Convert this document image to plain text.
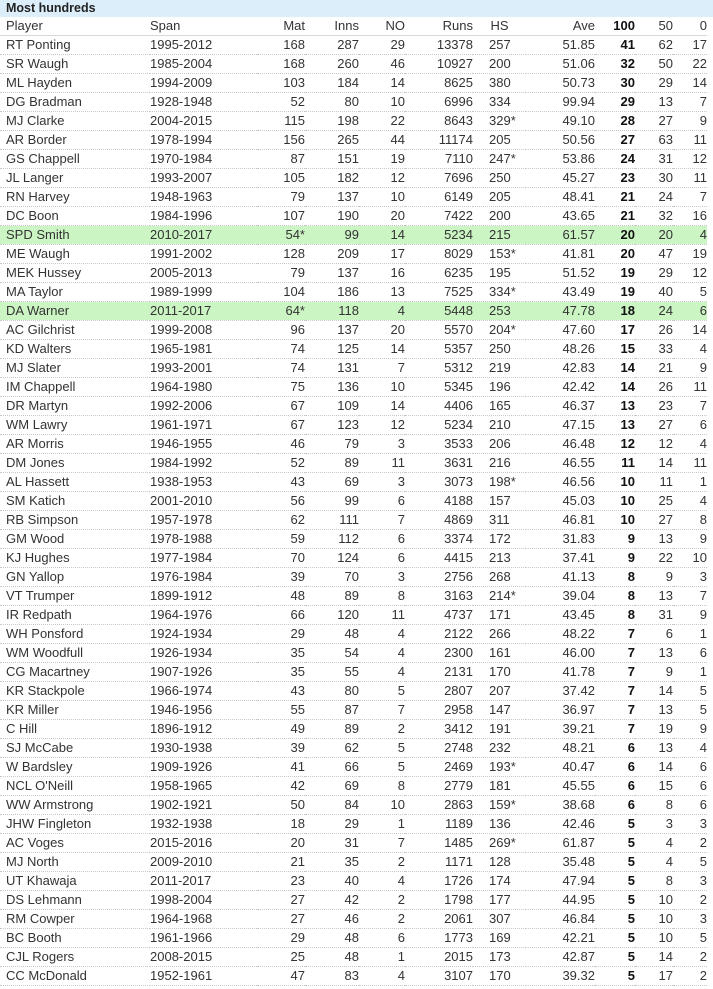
Most hundreds
Player	Span	Mat	Inns	NO	Runs	HS	Ave	100	50	0
RT Ponting	1995-2012	168	287	29	13378	257	51.85	41	62	17
SR Waugh	1985-2004	168	260	46	10927	200	51.06	32	50	22
ML Hayden	1994-2009	103	184	14	8625	380	50.73	30	29	14
DG Bradman	1928-1948	52	80	10	6996	334	99.94	29	13	7
MJ Clarke	2004-2015	115	198	22	8643	329*	49.10	28	27	9
AR Border	1978-1994	156	265	44	11174	205	50.56	27	63	11
GS Chappell	1970-1984	87	151	19	7110	247*	53.86	24	31	12
JL Langer	1993-2007	105	182	12	7696	250	45.27	23	30	11
RN Harvey	1948-1963	79	137	10	6149	205	48.41	21	24	7
DC Boon	1984-1996	107	190	20	7422	200	43.65	21	32	16
SPD Smith	2010-2017	54*	99	14	5234	215	61.57	20	20	4
ME Waugh	1991-2002	128	209	17	8029	153*	41.81	20	47	19
MEK Hussey	2005-2013	79	137	16	6235	195	51.52	19	29	12
MA Taylor	1989-1999	104	186	13	7525	334*	43.49	19	40	5
DA Warner	2011-2017	64*	118	4	5448	253	47.78	18	24	6
AC Gilchrist	1999-2008	96	137	20	5570	204*	47.60	17	26	14
KD Walters	1965-1981	74	125	14	5357	250	48.26	15	33	4
MJ Slater	1993-2001	74	131	7	5312	219	42.83	14	21	9
IM Chappell	1964-1980	75	136	10	5345	196	42.42	14	26	11
DR Martyn	1992-2006	67	109	14	4406	165	46.37	13	23	7
WM Lawry	1961-1971	67	123	12	5234	210	47.15	13	27	6
AR Morris	1946-1955	46	79	3	3533	206	46.48	12	12	4
DM Jones	1984-1992	52	89	11	3631	216	46.55	11	14	11
AL Hassett	1938-1953	43	69	3	3073	198*	46.56	10	11	1
SM Katich	2001-2010	56	99	6	4188	157	45.03	10	25	4
RB Simpson	1957-1978	62	111	7	4869	311	46.81	10	27	8
GM Wood	1978-1988	59	112	6	3374	172	31.83	9	13	9
KJ Hughes	1977-1984	70	124	6	4415	213	37.41	9	22	10
GN Yallop	1976-1984	39	70	3	2756	268	41.13	8	9	3
VT Trumper	1899-1912	48	89	8	3163	214*	39.04	8	13	7
IR Redpath	1964-1976	66	120	11	4737	171	43.45	8	31	9
WH Ponsford	1924-1934	29	48	4	2122	266	48.22	7	6	1
WM Woodfull	1926-1934	35	54	4	2300	161	46.00	7	13	6
CG Macartney	1907-1926	35	55	4	2131	170	41.78	7	9	1
KR Stackpole	1966-1974	43	80	5	2807	207	37.42	7	14	5
KR Miller	1946-1956	55	87	7	2958	147	36.97	7	13	5
C Hill	1896-1912	49	89	2	3412	191	39.21	7	19	9
SJ McCabe	1930-1938	39	62	5	2748	232	48.21	6	13	4
W Bardsley	1909-1926	41	66	5	2469	193*	40.47	6	14	6
NCL O'Neill	1958-1965	42	69	8	2779	181	45.55	6	15	6
WW Armstrong	1902-1921	50	84	10	2863	159*	38.68	6	8	6
JHW Fingleton	1932-1938	18	29	1	1189	136	42.46	5	3	3
AC Voges	2015-2016	20	31	7	1485	269*	61.87	5	4	2
MJ North	2009-2010	21	35	2	1171	128	35.48	5	4	5
UT Khawaja	2011-2017	23	40	4	1726	174	47.94	5	8	3
DS Lehmann	1998-2004	27	42	2	1798	177	44.95	5	10	2
RM Cowper	1964-1968	27	46	2	2061	307	46.84	5	10	3
BC Booth	1961-1966	29	48	6	1773	169	42.21	5	10	5
CJL Rogers	2008-2015	25	48	1	2015	173	42.87	5	14	2
CC McDonald	1952-1961	47	83	4	3107	170	39.32	5	17	2
